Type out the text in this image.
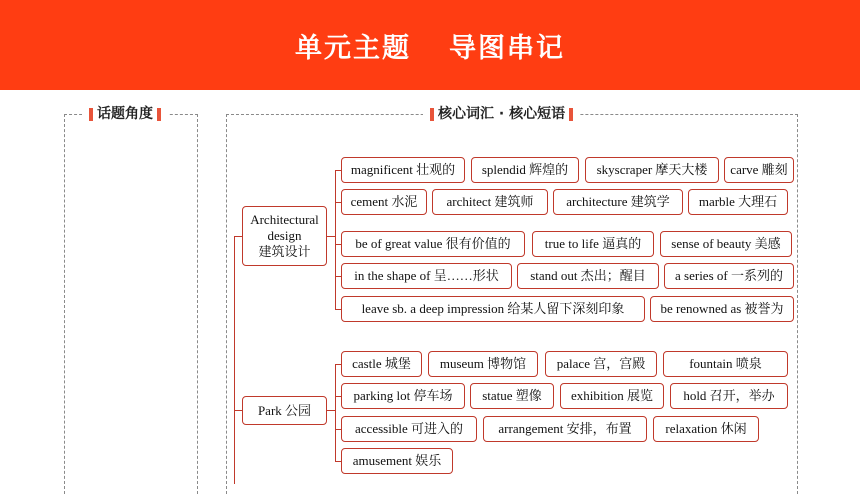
单元主题 导图串记
话题角度	核心词汇 · 核心短语
Architectural
design
建筑设计
magnificent 壮观的	splendid 辉煌的	skyscraper 摩天大楼	carve 雕刻
cement 水泥	architect 建筑师	architecture 建筑学	marble 大理石
be of great value 很有价值的	true to life 逼真的	sense of beauty 美感
in the shape of 呈……形状	stand out 杰出；醒目	a series of 一系列的
leave sb. a deep impression 给某人留下深刻印象	be renowned as 被誉为
Park 公园
castle 城堡	museum 博物馆	palace 宫，宫殿	fountain 喷泉
parking lot 停车场	statue 塑像	exhibition 展览	hold 召开，举办
accessible 可进入的	arrangement 安排，布置	relaxation 休闲
amusement 娱乐
